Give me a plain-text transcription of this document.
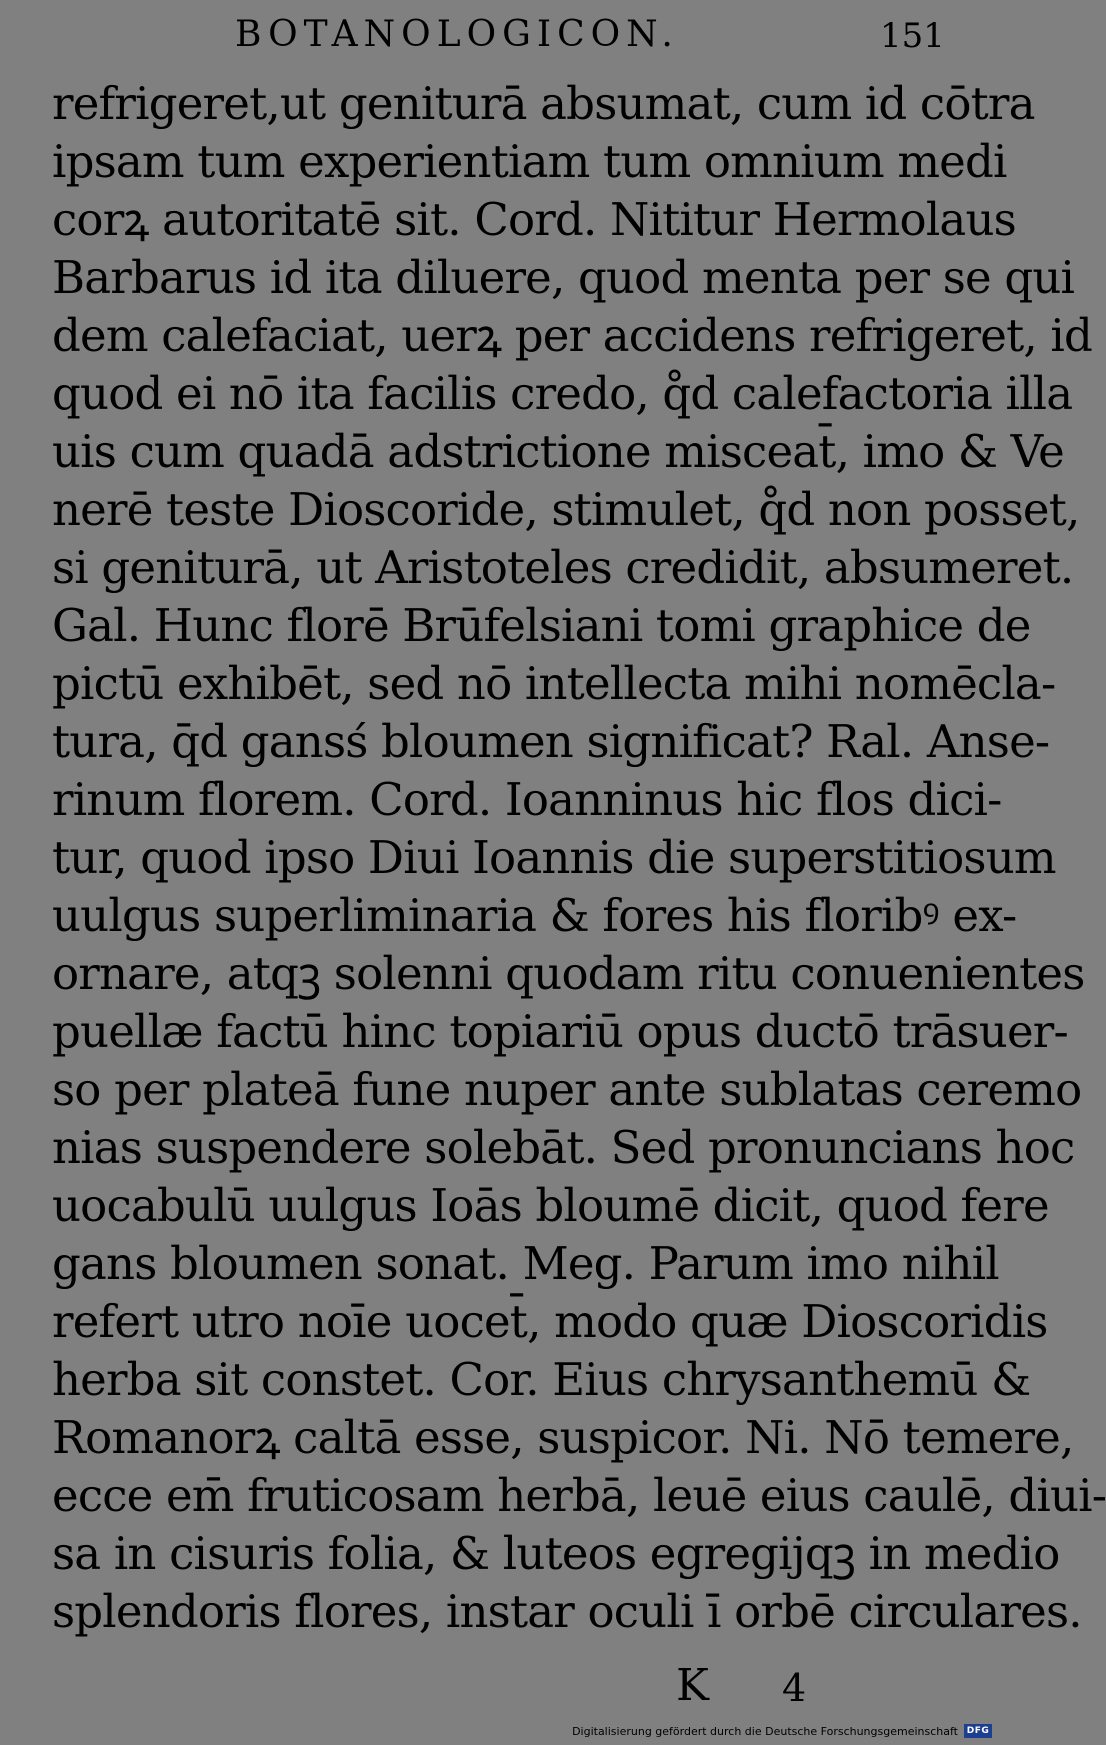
BOTANOLOGICON.	151
refrigeret,ut geniturā absumat, cum id cōtra
ipsam tum experientiam tum omnium medi
corꝝ autoritatē sit. Cord. Nititur Hermolaus
Barbarus id ita diluere, quod menta per se qui
dem calefaciat, uerꝝ per accidens refrigeret, id
quod ei nō ita facilis credo, q̊d calefactoria illa
uis cum quadā adstrictione misceat̄, imo & Ve
nerē teste Dioscoride, stimulet, q̊d non posset,
si geniturā, ut Aristoteles credidit, absumeret.
Gal. Hunc florē Brūfelsiani tomi graphice de
pictū exhibēt, sed nō intellecta mihi nomēcla-
tura, q̄d gansś bloumen significat? Ral. Anse-
rinum florem. Cord. Ioanninus hic flos dici-
tur, quod ipso Diui Ioannis die superstitiosum
uulgus superliminaria & fores his floribꝰ ex-
ornare, atqꝫ solenni quodam ritu conuenientes
puellæ factū hinc topiariū opus ductō trāsuer-
so per plateā fune nuper ante sublatas ceremo
nias suspendere solebāt. Sed pronuncians hoc
uocabulū uulgus Ioās bloumē dicit, quod fere
gans bloumen sonat. Meg. Parum imo nihil
refert utro noīe uocet̄, modo quæ Dioscoridis
herba sit constet. Cor. Eius chrysanthemū &
Romanorꝝ caltā esse, suspicor. Ni. Nō temere,
ecce em̄ fruticosam herbā, leuē eius caulē, diui-
sa in cisuris folia, & luteos egregijqꝫ in medio
splendoris flores, instar oculi ī orbē circulares.
K 4
Digitalisierung gefördert durch die Deutsche Forschungsgemeinschaft DFG
